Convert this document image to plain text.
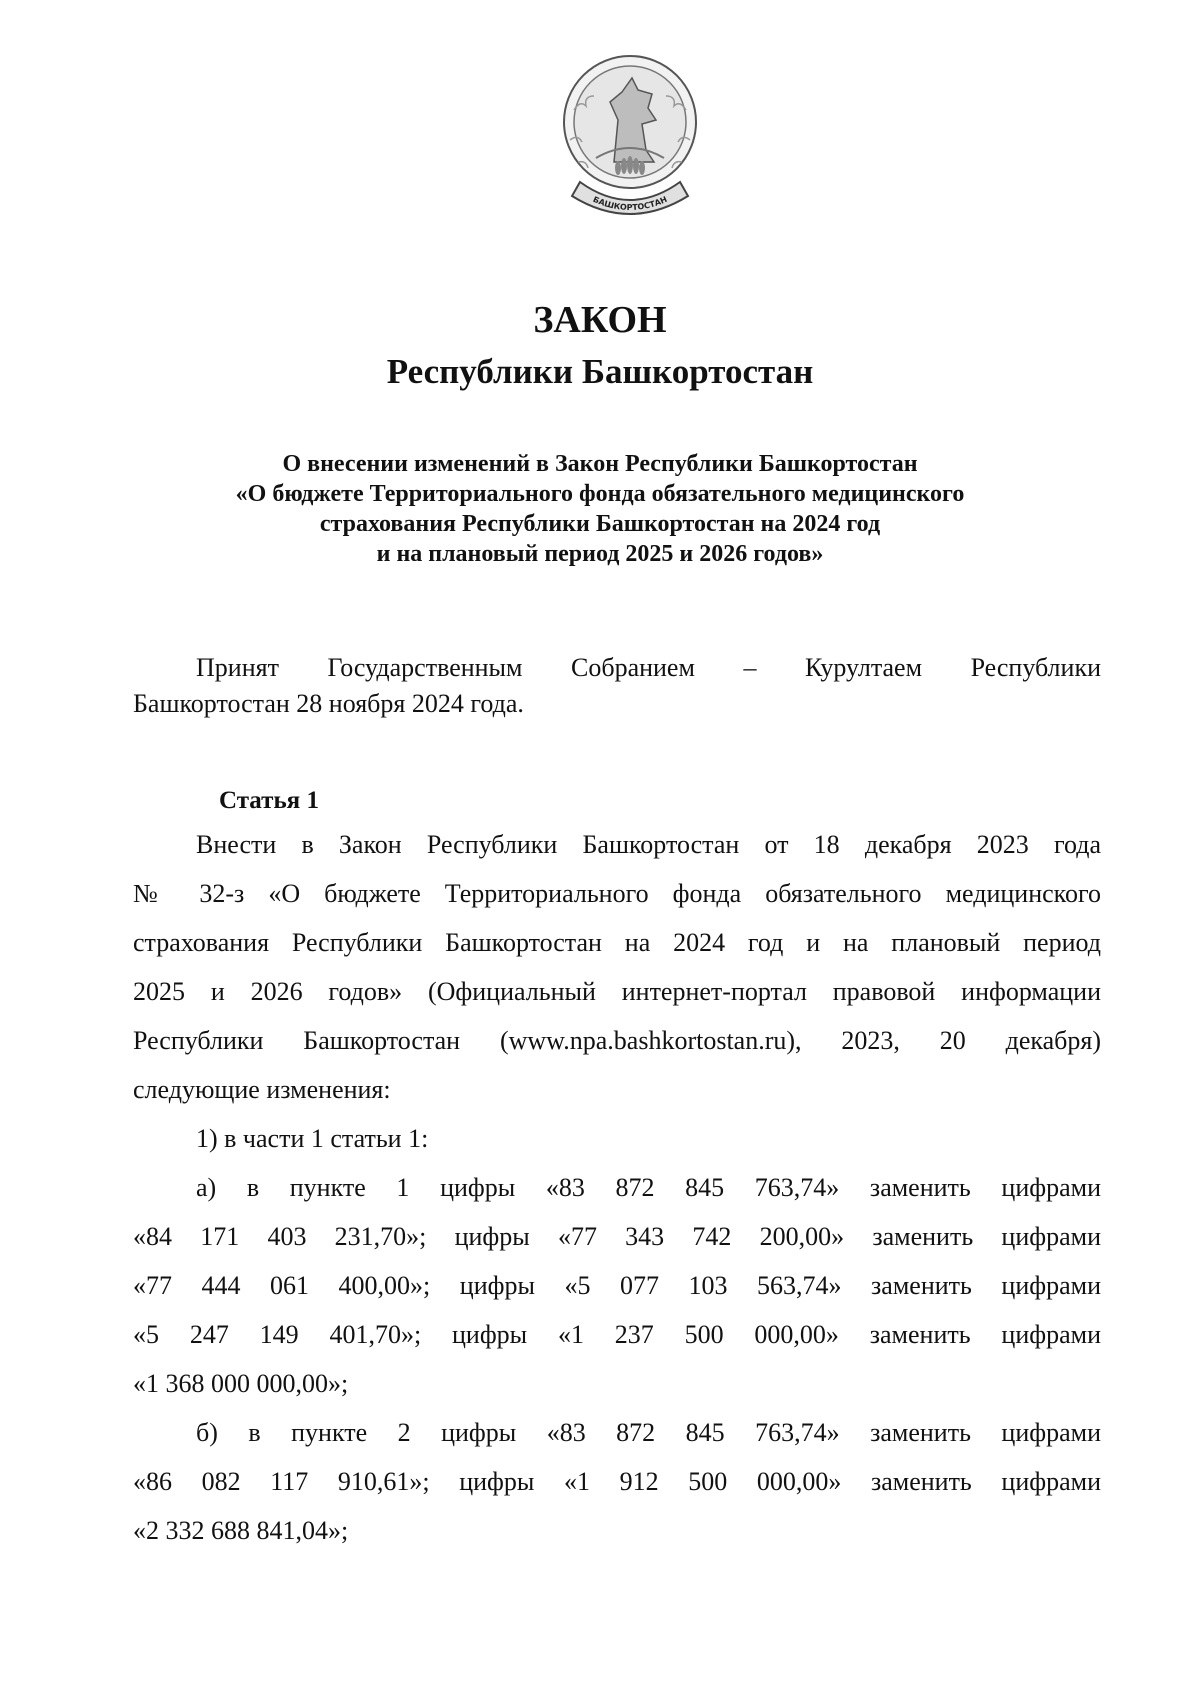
БАШКОРТОСТАН
ЗАКОН
Республики Башкортостан
О внесении изменений в Закон Республики Башкортостан
«О бюджете Территориального фонда обязательного медицинского
страхования Республики Башкортостан на 2024 год
и на плановый период 2025 и 2026 годов»
Принят Государственным Собранием – Курултаем Республики
Башкортостан 28 ноября 2024 года.
Статья 1
Внести в Закон Республики Башкортостан от 18 декабря 2023 года
№ 32-з «О бюджете Территориального фонда обязательного медицинского
страхования Республики Башкортостан на 2024 год и на плановый период
2025 и 2026 годов» (Официальный интернет-портал правовой информации
Республики Башкортостан (www.npa.bashkortostan.ru), 2023, 20 декабря)
следующие изменения:
1) в части 1 статьи 1:
а) в пункте 1 цифры «83 872 845 763,74» заменить цифрами
«84 171 403 231,70»; цифры «77 343 742 200,00» заменить цифрами
«77 444 061 400,00»; цифры «5 077 103 563,74» заменить цифрами
«5 247 149 401,70»; цифры «1 237 500 000,00» заменить цифрами
«1 368 000 000,00»;
б) в пункте 2 цифры «83 872 845 763,74» заменить цифрами
«86 082 117 910,61»; цифры «1 912 500 000,00» заменить цифрами
«2 332 688 841,04»;
